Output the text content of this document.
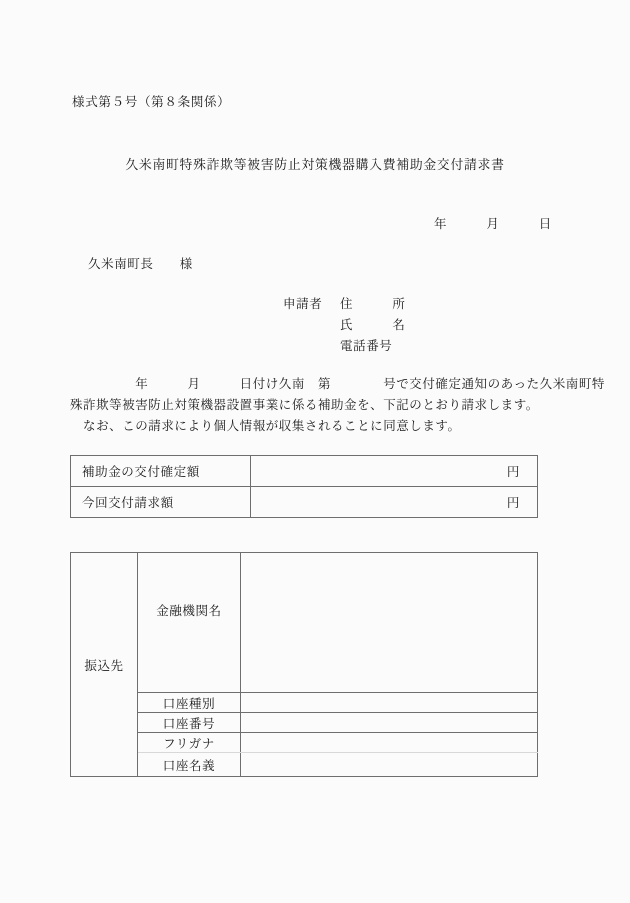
様式第５号（第８条関係）
久米南町特殊詐欺等被害防止対策機器購入費補助金交付請求書
年　　　月　　　日
久米南町長　　様
申請者	住　　　所
氏　　　名
電話番号
　　　　　年　　　月　　　日付け久南　第　　　　号で交付確定通知のあった久米南町特
殊詐欺等被害防止対策機器設置事業に係る補助金を、下記のとおり請求します。
　なお、この請求により個人情報が収集されることに同意します。
補助金の交付確定額	円
今回交付請求額	円
振込先	金融機関名	
	口座種別	
	口座番号	
	フリガナ	
	口座名義	
